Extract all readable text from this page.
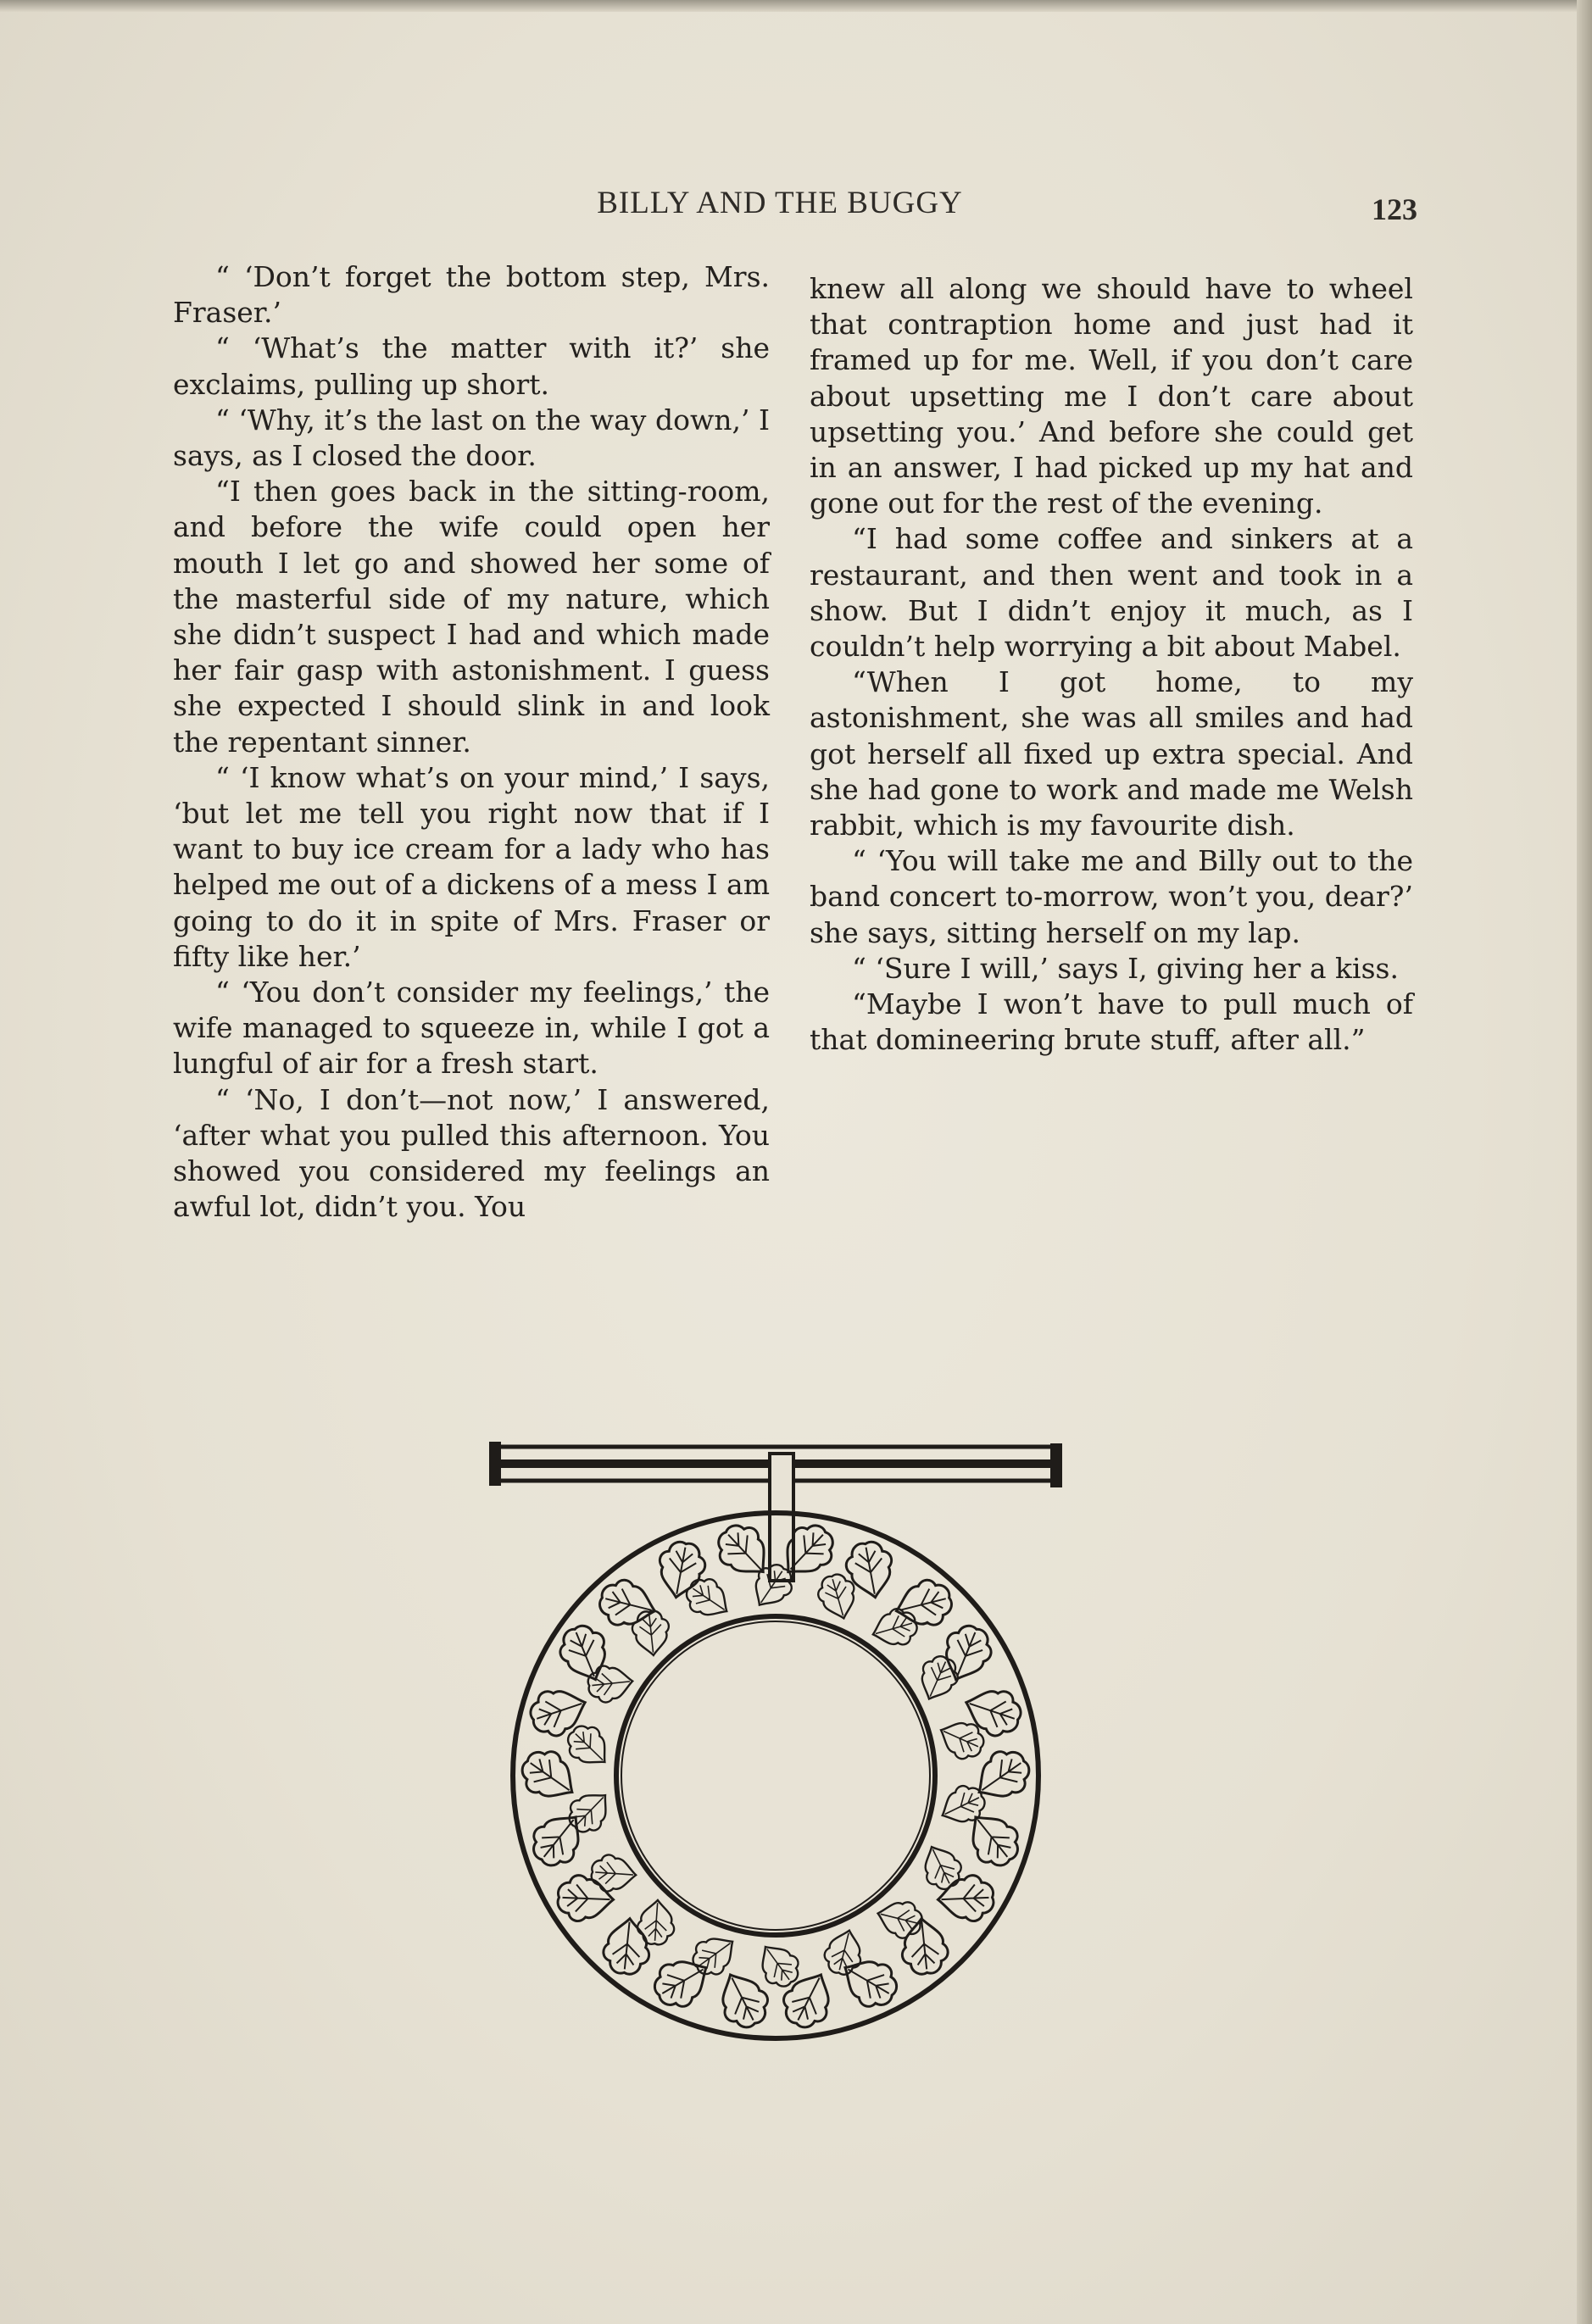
BILLY AND THE BUGGY	123

“ ‘Don’t forget the bottom step, Mrs. Fraser.’

“ ‘What’s the matter with it?’ she exclaims, pulling up short.

“ ‘Why, it’s the last on the way down,’ I says, as I closed the door.

“I then goes back in the sitting-room, and before the wife could open her mouth I let go and showed her some of the masterful side of my nature, which she didn’t suspect I had and which made her fair gasp with astonishment. I guess she expected I should slink in and look the repentant sinner.

“ ‘I know what’s on your mind,’ I says, ‘but let me tell you right now that if I want to buy ice cream for a lady who has helped me out of a dickens of a mess I am going to do it in spite of Mrs. Fraser or fifty like her.’

“ ‘You don’t consider my feelings,’ the wife managed to squeeze in, while I got a lungful of air for a fresh start.

“ ‘No, I don’t—not now,’ I answered, ‘after what you pulled this afternoon. You showed you considered my feelings an awful lot, didn’t you. You

knew all along we should have to wheel that contraption home and just had it framed up for me. Well, if you don’t care about upsetting me I don’t care about upsetting you.’ And before she could get in an answer, I had picked up my hat and gone out for the rest of the evening.

“I had some coffee and sinkers at a restaurant, and then went and took in a show. But I didn’t enjoy it much, as I couldn’t help worrying a bit about Mabel.

“When I got home, to my astonishment, she was all smiles and had got herself all fixed up extra special. And she had gone to work and made me Welsh rabbit, which is my favourite dish.

“ ‘You will take me and Billy out to the band concert to-morrow, won’t you, dear?’ she says, sitting herself on my lap.

“ ‘Sure I will,’ says I, giving her a kiss.

“Maybe I won’t have to pull much of that domineering brute stuff, after all.”
